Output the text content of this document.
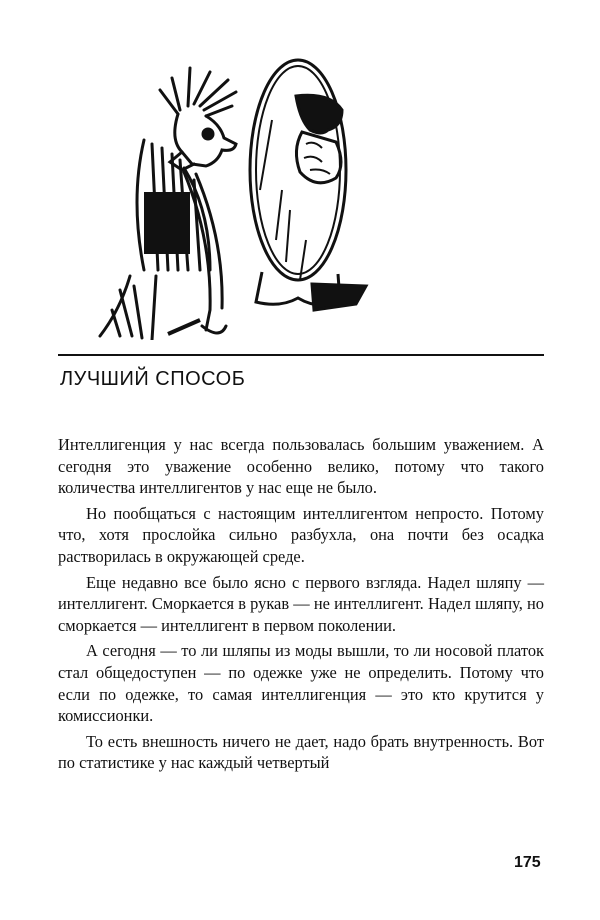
ЛУЧШИЙ СПОСОБ

Интеллигенция у нас всегда пользовалась большим уважением. А сегодня это уважение особенно велико, потому что такого количества интеллигентов у нас еще не было.

Но пообщаться с настоящим интеллигентом непросто. Потому что, хотя прослойка сильно разбухла, она почти без осадка растворилась в окружающей среде.

Еще недавно все было ясно с первого взгляда. Надел шляпу — интеллигент. Сморкается в рукав — не интеллигент. Надел шляпу, но сморкается — интеллигент в первом поколении.

А сегодня — то ли шляпы из моды вышли, то ли носовой платок стал общедоступен — по одежке уже не определить. Потому что если по одежке, то самая интеллигенция — это кто крутится у комиссионки.

То есть внешность ничего не дает, надо брать внутренность. Вот по статистике у нас каждый четвертый

175
